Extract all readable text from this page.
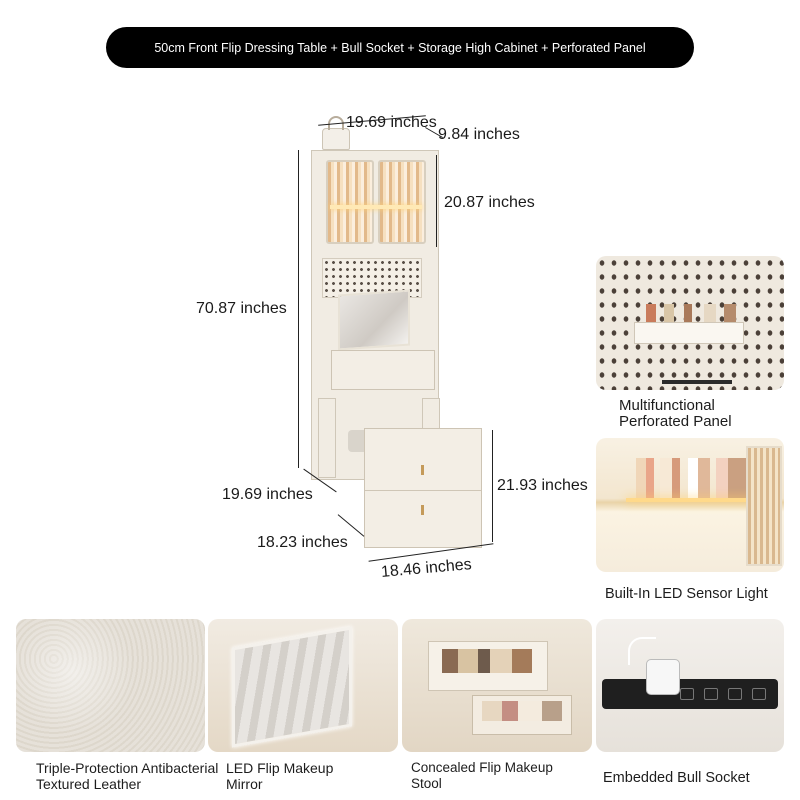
50cm Front Flip Dressing Table + Bull Socket + Storage High Cabinet + Perforated Panel
19.69 inches
9.84 inches
20.87 inches
70.87 inches
19.69 inches
21.93 inches
18.23 inches
18.46 inches
Multifunctional
Perforated Panel
Built-In LED Sensor Light
Triple-Protection Antibacterial
Textured Leather
LED Flip Makeup
Mirror
Concealed Flip Makeup
Stool	Embedded Bull Socket
